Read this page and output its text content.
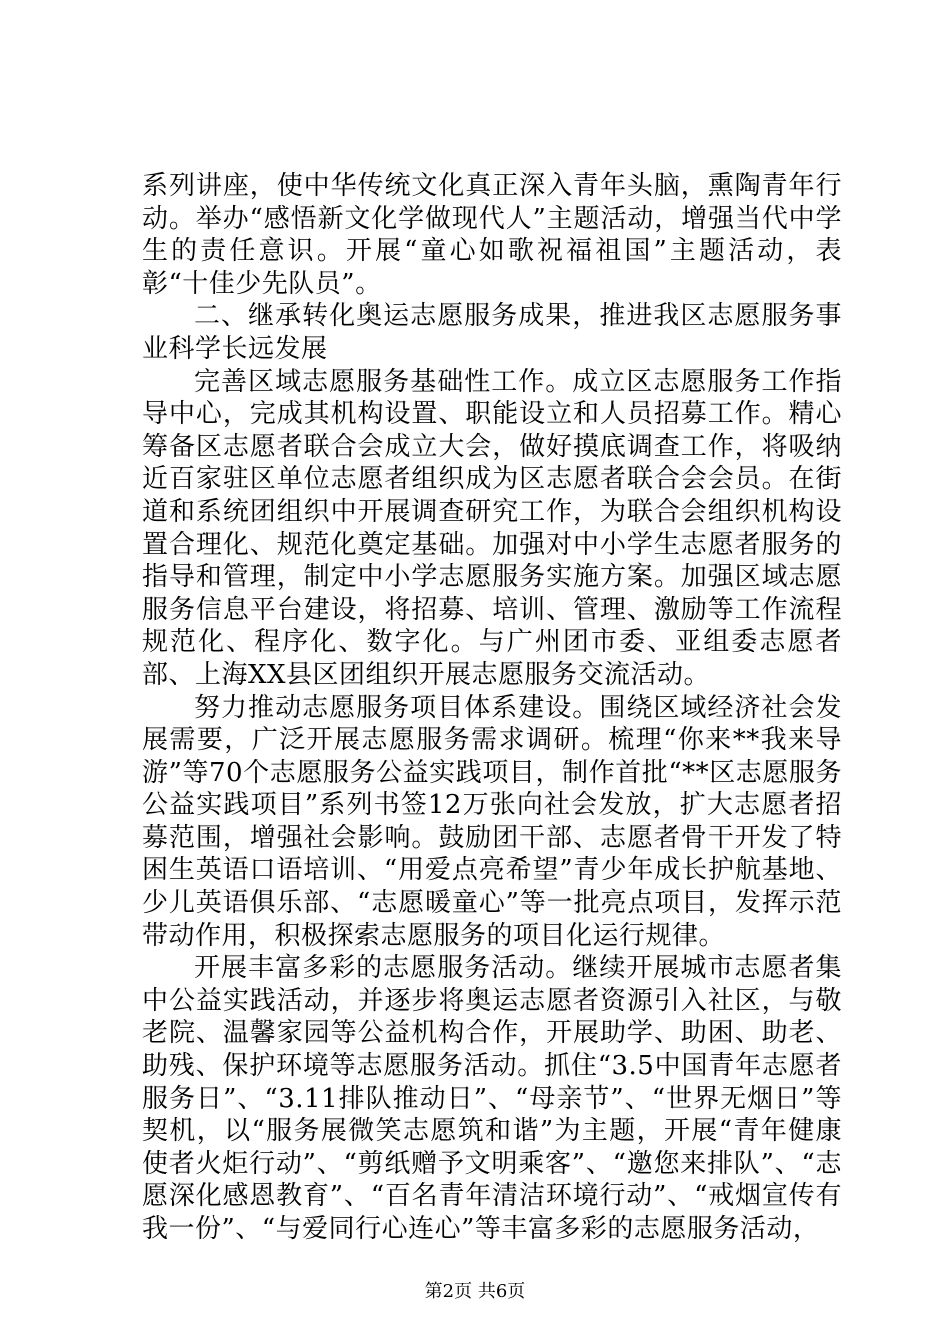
系列讲座，使中华传统文化真正深入青年头脑，熏陶青年行动。举办“感悟新文化学做现代人”主题活动，增强当代中学生的责任意识。开展“童心如歌祝福祖国”主题活动，表彰“十佳少先队员”。

二、继承转化奥运志愿服务成果，推进我区志愿服务事业科学长远发展

完善区域志愿服务基础性工作。成立区志愿服务工作指导中心，完成其机构设置、职能设立和人员招募工作。精心筹备区志愿者联合会成立大会，做好摸底调查工作，将吸纳近百家驻区单位志愿者组织成为区志愿者联合会会员。在街道和系统团组织中开展调查研究工作，为联合会组织机构设置合理化、规范化奠定基础。加强对中小学生志愿者服务的指导和管理，制定中小学志愿服务实施方案。加强区域志愿服务信息平台建设，将招募、培训、管理、激励等工作流程规范化、程序化、数字化。与广州团市委、亚组委志愿者部、上海XX县区团组织开展志愿服务交流活动。

努力推动志愿服务项目体系建设。围绕区域经济社会发展需要，广泛开展志愿服务需求调研。梳理“你来**我来导游”等70个志愿服务公益实践项目，制作首批“**区志愿服务公益实践项目”系列书签12万张向社会发放，扩大志愿者招募范围，增强社会影响。鼓励团干部、志愿者骨干开发了特困生英语口语培训、“用爱点亮希望”青少年成长护航基地、少儿英语俱乐部、“志愿暖童心”等一批亮点项目，发挥示范带动作用，积极探索志愿服务的项目化运行规律。

开展丰富多彩的志愿服务活动。继续开展城市志愿者集中公益实践活动，并逐步将奥运志愿者资源引入社区，与敬老院、温馨家园等公益机构合作，开展助学、助困、助老、助残、保护环境等志愿服务活动。抓住“3.5中国青年志愿者服务日”、“3.11排队推动日”、“母亲节”、“世界无烟日”等契机，以“服务展微笑志愿筑和谐”为主题，开展“青年健康使者火炬行动”、“剪纸赠予文明乘客”、“邀您来排队”、“志愿深化感恩教育”、“百名青年清洁环境行动”、“戒烟宣传有我一份”、“与爱同行心连心”等丰富多彩的志愿服务活动，

第2页 共6页
